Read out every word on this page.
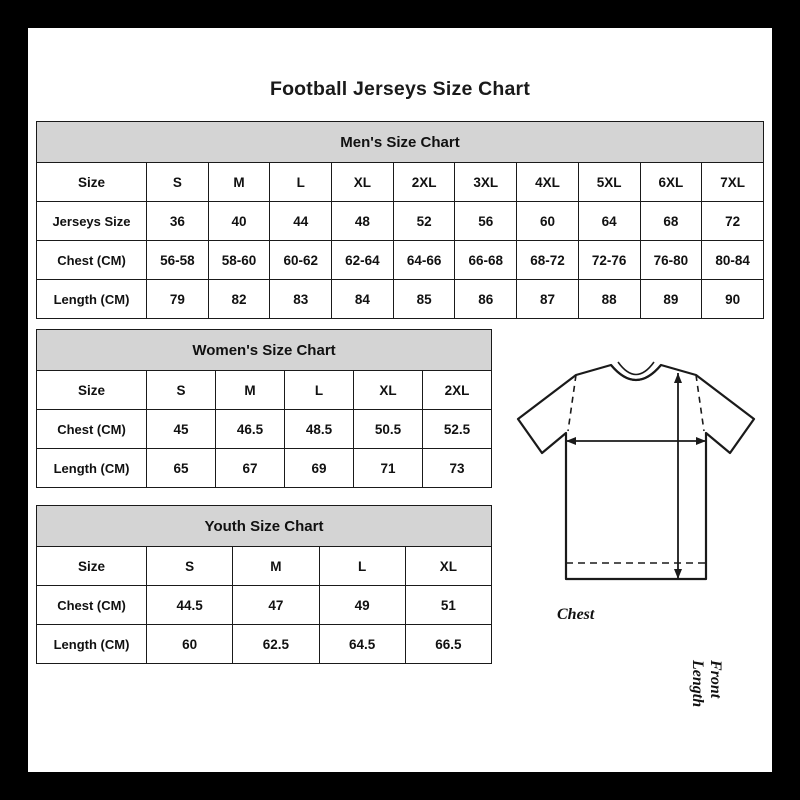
Football Jerseys Size Chart
Men's Size Chart										
Size	S	M	L	XL	2XL	3XL	4XL	5XL	6XL	7XL
Jerseys Size	36	40	44	48	52	56	60	64	68	72
Chest (CM)	56-58	58-60	60-62	62-64	64-66	66-68	68-72	72-76	76-80	80-84
Length (CM)	79	82	83	84	85	86	87	88	89	90
Women's Size Chart					
Size	S	M	L	XL	2XL
Chest (CM)	45	46.5	48.5	50.5	52.5
Length (CM)	65	67	69	71	73
Youth Size Chart				
Size	S	M	L	XL
Chest (CM)	44.5	47	49	51
Length (CM)	60	62.5	64.5	66.5
Chest
Front Length
